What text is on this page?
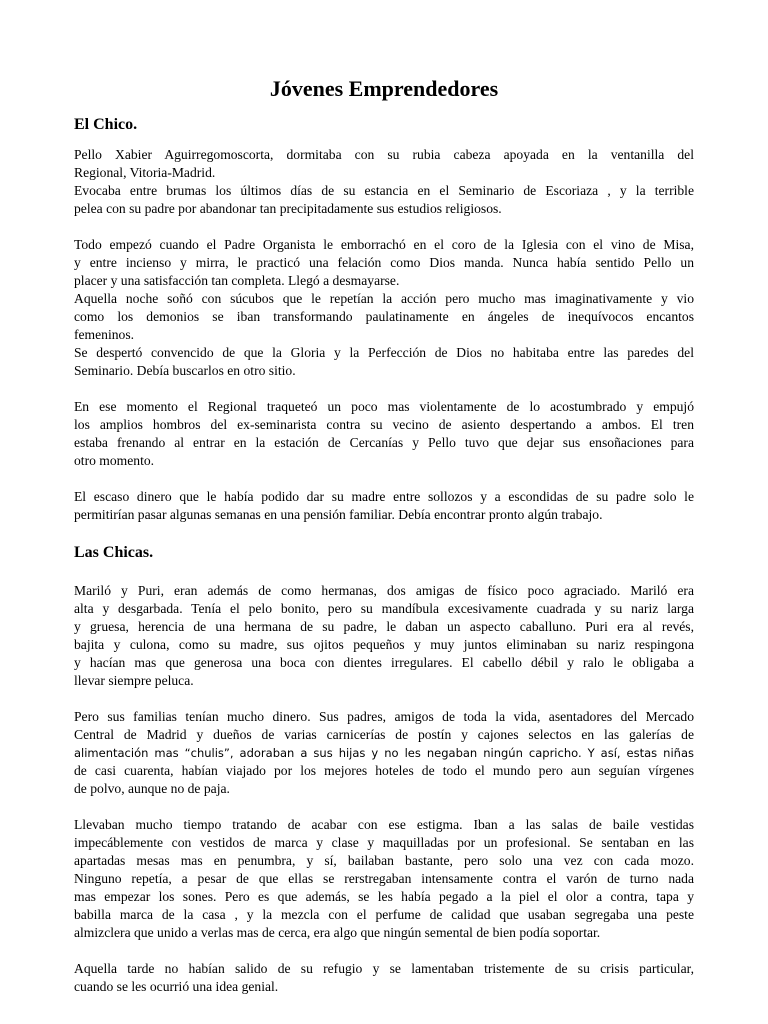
Jóvenes Emprendedores
El Chico.

Pello Xabier Aguirregomoscorta, dormitaba con su rubia cabeza apoyada en la ventanilla del
Regional, Vitoria-Madrid.
Evocaba entre brumas los últimos días de su estancia en el Seminario de Escoriaza , y la terrible
pelea con su padre por abandonar tan precipitadamente sus estudios religiosos.

Todo empezó cuando el Padre Organista le emborrachó en el coro de la Iglesia con el vino de Misa,
y entre incienso y mirra, le practicó una felación como Dios manda. Nunca había sentido Pello un
placer y una satisfacción tan completa. Llegó a desmayarse.
Aquella noche soñó con súcubos que le repetían la acción pero mucho mas imaginativamente y vio
como los demonios se iban transformando paulatinamente en ángeles de inequívocos encantos
femeninos.
Se despertó convencido de que la Gloria y la Perfección de Dios no habitaba entre las paredes del
Seminario. Debía buscarlos en otro sitio.

En ese momento el Regional traqueteó un poco mas violentamente de lo acostumbrado y empujó
los amplios hombros del ex-seminarista contra su vecino de asiento despertando a ambos. El tren
estaba frenando al entrar en la estación de Cercanías y Pello tuvo que dejar sus ensoñaciones para
otro momento.

El escaso dinero que le había podido dar su madre entre sollozos y a escondidas de su padre solo le
permitirían pasar algunas semanas en una pensión familiar. Debía encontrar pronto algún trabajo.

Las Chicas.

Mariló y Puri, eran además de como hermanas, dos amigas de físico poco agraciado. Mariló era
alta y desgarbada. Tenía el pelo bonito, pero su mandíbula excesivamente cuadrada y su nariz larga
y gruesa, herencia de una hermana de su padre, le daban un aspecto caballuno. Puri era al revés,
bajita y culona, como su madre, sus ojitos pequeños y muy juntos eliminaban su nariz respingona
y hacían mas que generosa una boca con dientes irregulares. El cabello débil y ralo le obligaba a
llevar siempre peluca.

Pero sus familias tenían mucho dinero. Sus padres, amigos de toda la vida, asentadores del Mercado
Central de Madrid y dueños de varias carnicerías de postín y cajones selectos en las galerías de
alimentación mas “chulis”, adoraban a sus hijas y no les negaban ningún capricho. Y así, estas niñas
de casi cuarenta, habían viajado por los mejores hoteles de todo el mundo pero aun seguían vírgenes
de polvo, aunque no de paja.

Llevaban mucho tiempo tratando de acabar con ese estigma. Iban a las salas de baile vestidas
impecáblemente con vestidos de marca y clase y maquilladas por un profesional. Se sentaban en las
apartadas mesas mas en penumbra, y sí, bailaban bastante, pero solo una vez con cada mozo.
Ninguno repetía, a pesar de que ellas se rerstregaban intensamente contra el varón de turno nada
mas empezar los sones. Pero es que además, se les había pegado a la piel el olor a contra, tapa y
babilla marca de la casa , y la mezcla con el perfume de calidad que usaban segregaba una peste
almizclera que unido a verlas mas de cerca, era algo que ningún semental de bien podía soportar.

Aquella tarde no habían salido de su refugio y se lamentaban tristemente de su crisis particular,
cuando se les ocurrió una idea genial.
